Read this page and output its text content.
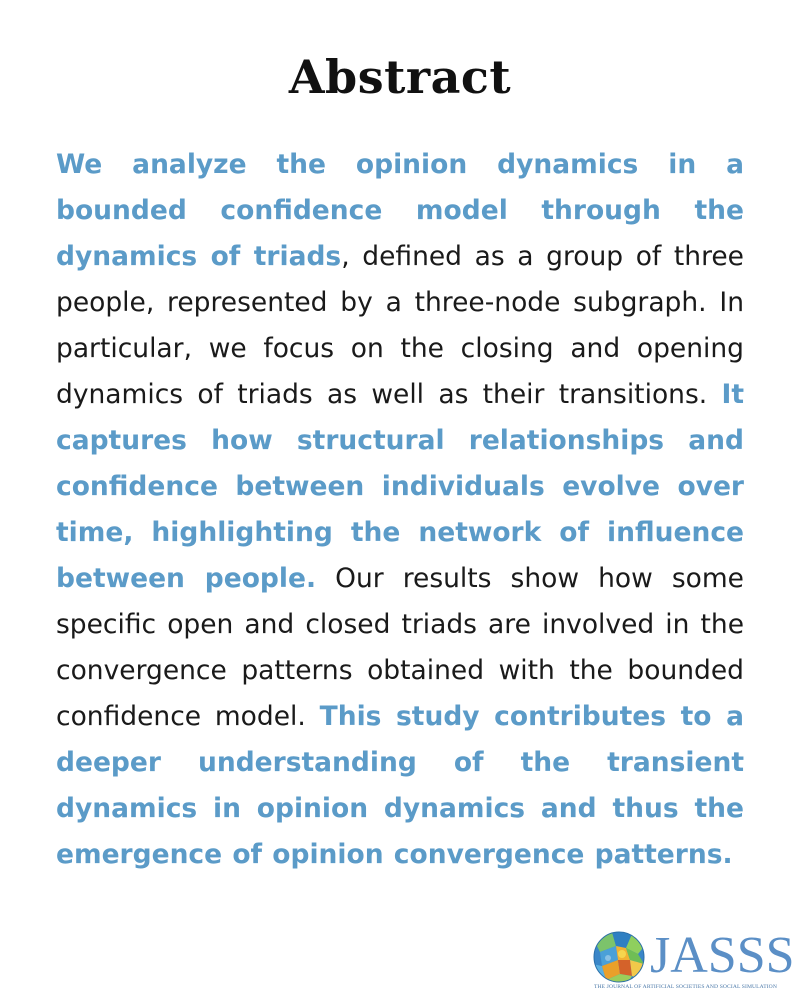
Abstract

We analyze the opinion dynamics in a bounded confidence model through the dynamics of triads, defined as a group of three people, represented by a three-node subgraph. In particular, we focus on the closing and opening dynamics of triads as well as their transitions. It captures how structural relationships and confidence between individuals evolve over time, highlighting the network of influence between people. Our results show how some specific open and closed triads are involved in the convergence patterns obtained with the bounded confidence model. This study contributes to a deeper understanding of the transient dynamics in opinion dynamics and thus the emergence of opinion convergence patterns.

JASSS
THE JOURNAL OF ARTIFICIAL SOCIETIES AND SOCIAL SIMULATION
